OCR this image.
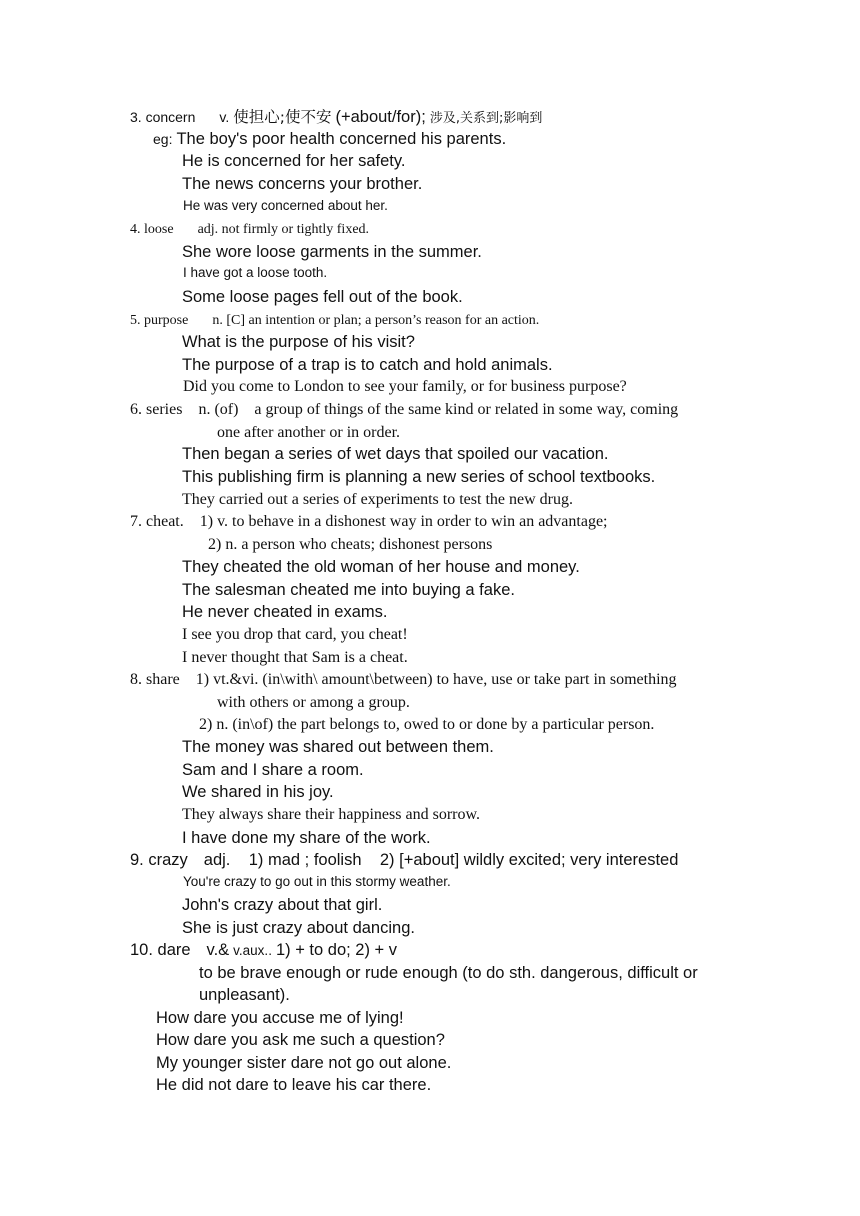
3. concern v. 使担心;使不安 (+about/for); 涉及,关系到;影响到
eg: The boy's poor health concerned his parents.
He is concerned for her safety.
The news concerns your brother.
He was very concerned about her.
4. loose adj. not firmly or tightly fixed.
She wore loose garments in the summer.
I have got a loose tooth.
Some loose pages fell out of the book.
5. purpose n. [C] an intention or plan; a person’s reason for an action.
What is the purpose of his visit?
The purpose of a trap is to catch and hold animals.
Did you come to London to see your family, or for business purpose?
6. series n. (of)    a group of things of the same kind or related in some way, coming
one after another or in order.
Then began a series of wet days that spoiled our vacation.
This publishing firm is planning a new series of school textbooks.
They carried out a series of experiments to test the new drug.
7. cheat. 1) v. to behave in a dishonest way in order to win an advantage;
2) n. a person who cheats; dishonest persons
They cheated the old woman of her house and money.
The salesman cheated me into buying a fake.
He never cheated in exams.
I see you drop that card, you cheat!
I never thought that Sam is a cheat.
8. share 1) vt.&vi. (in\with\ amount\between) to have, use or take part in something
with others or among a group.
2) n. (in\of) the part belongs to, owed to or done by a particular person.
The money was shared out between them.
Sam and I share a room.
We shared in his joy.
They always share their happiness and sorrow.
I have done my share of the work.
9. crazy adj.    1) mad ; foolish    2) [+about] wildly excited; very interested
You're crazy to go out in this stormy weather.
John's crazy about that girl.
She is just crazy about dancing.
10. dare v.& v.aux.. 1) + to do; 2) + v
to be brave enough or rude enough (to do sth. dangerous, difficult or
unpleasant).
How dare you accuse me of lying!
How dare you ask me such a question?
My younger sister dare not go out alone.
He did not dare to leave his car there.
